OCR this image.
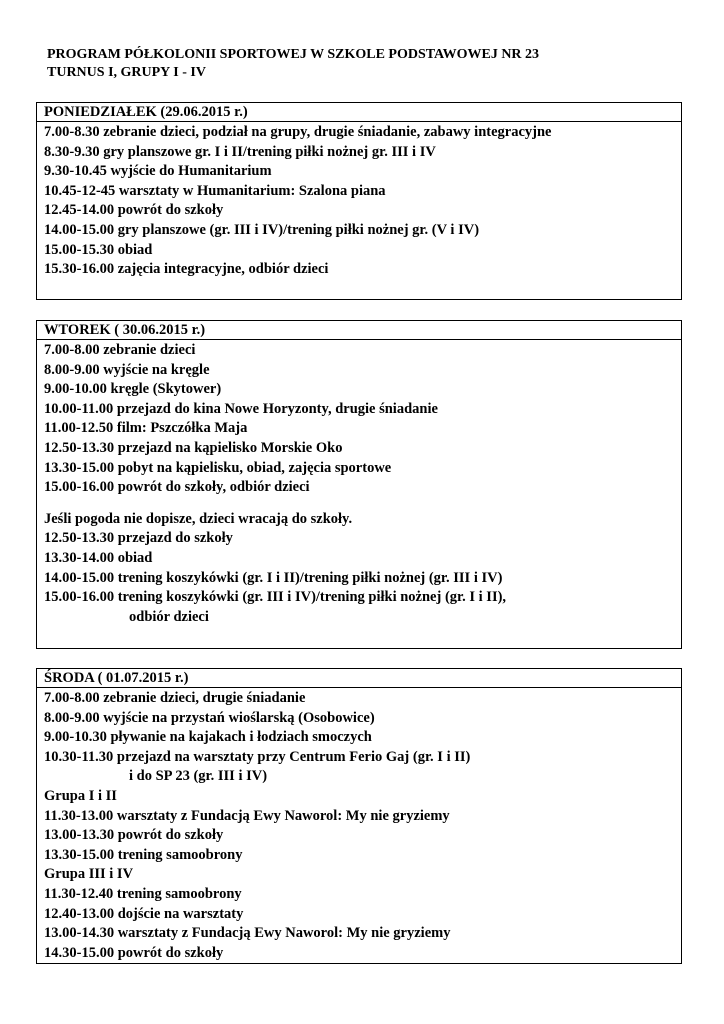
PROGRAM PÓŁKOLONII SPORTOWEJ W SZKOLE PODSTAWOWEJ NR 23
TURNUS I, GRUPY I - IV
PONIEDZIAŁEK (29.06.2015 r.)
7.00-8.30 zebranie dzieci, podział na grupy, drugie śniadanie, zabawy integracyjne
8.30-9.30 gry planszowe gr. I i II/trening piłki nożnej gr. III i IV
9.30-10.45 wyjście do Humanitarium
10.45-12-45 warsztaty w Humanitarium: Szalona piana
12.45-14.00 powrót do szkoły
14.00-15.00 gry planszowe (gr. III i IV)/trening piłki nożnej gr. (V i IV)
15.00-15.30 obiad
15.30-16.00 zajęcia integracyjne, odbiór dzieci
WTOREK ( 30.06.2015 r.)
7.00-8.00 zebranie dzieci
8.00-9.00 wyjście na kręgle
9.00-10.00 kręgle (Skytower)
10.00-11.00 przejazd do kina Nowe Horyzonty, drugie śniadanie
11.00-12.50 film: Pszczółka Maja
12.50-13.30 przejazd na kąpielisko Morskie Oko
13.30-15.00 pobyt na kąpielisku, obiad, zajęcia sportowe
15.00-16.00 powrót do szkoły, odbiór dzieci
Jeśli pogoda nie dopisze, dzieci wracają do szkoły.
12.50-13.30 przejazd do szkoły
13.30-14.00 obiad
14.00-15.00 trening koszykówki (gr. I i II)/trening piłki nożnej (gr. III i IV)
15.00-16.00 trening koszykówki (gr. III i IV)/trening piłki nożnej (gr. I i II),
odbiór dzieci
ŚRODA ( 01.07.2015 r.)
7.00-8.00 zebranie dzieci, drugie śniadanie
8.00-9.00 wyjście na przystań wioślarską (Osobowice)
9.00-10.30 pływanie na kajakach i łodziach smoczych
10.30-11.30 przejazd na warsztaty przy Centrum Ferio Gaj (gr. I i II)
i do SP 23 (gr. III i IV)
Grupa I i II
11.30-13.00 warsztaty z Fundacją Ewy Naworol: My nie gryziemy
13.00-13.30 powrót do szkoły
13.30-15.00 trening samoobrony
Grupa III i IV
11.30-12.40 trening samoobrony
12.40-13.00 dojście na warsztaty
13.00-14.30 warsztaty z Fundacją Ewy Naworol: My nie gryziemy
14.30-15.00 powrót do szkoły
